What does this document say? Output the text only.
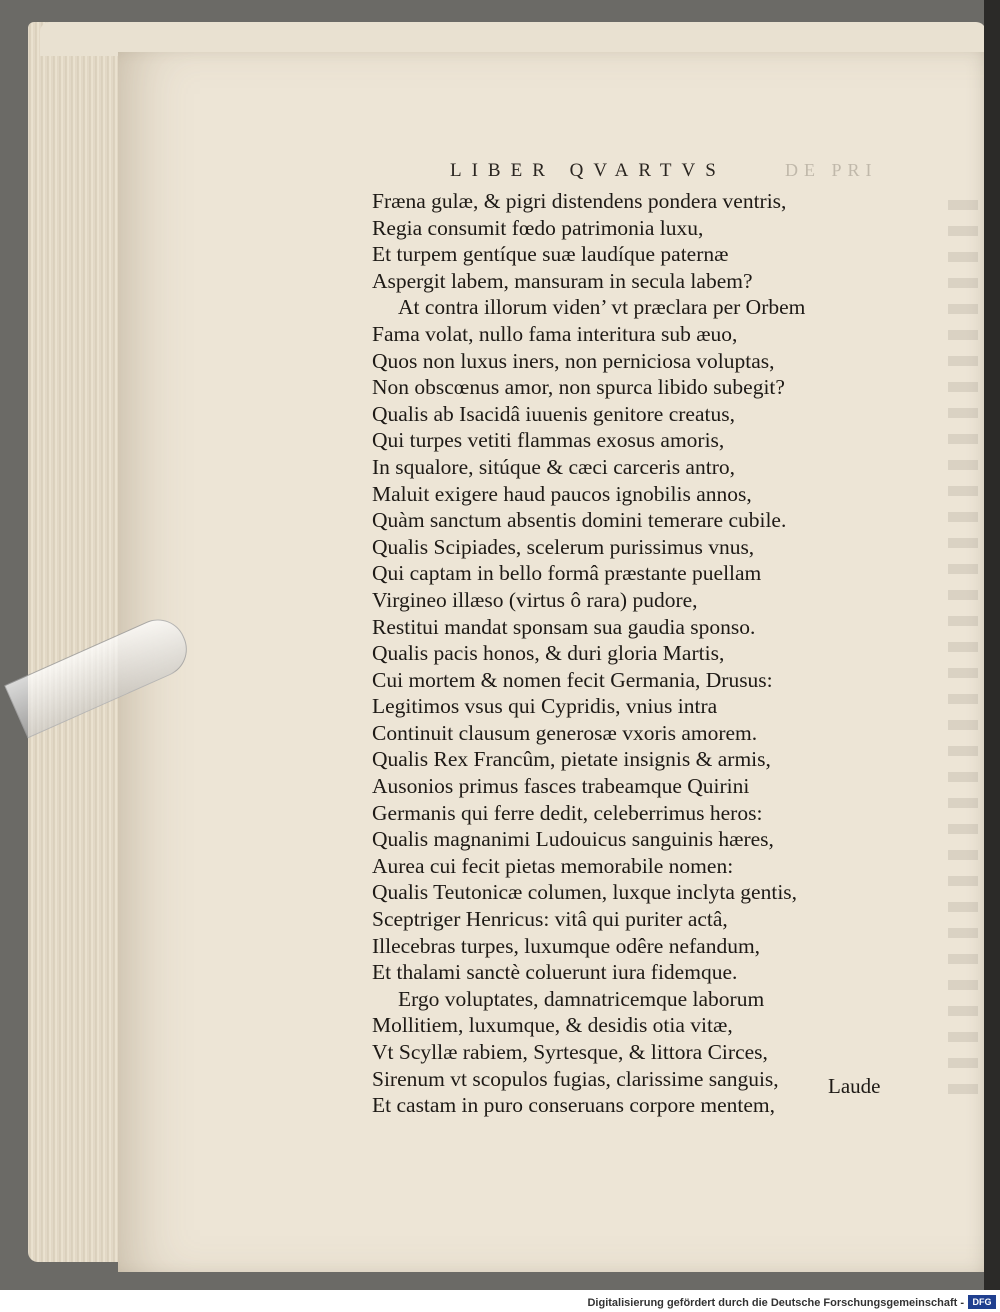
DE PRI
LIBER QVARTVS
Fræna gulæ, & pigri distendens pondera ventris,
Regia consumit fœdo patrimonia luxu,
Et turpem gentíque suæ laudíque paternæ
Aspergit labem, mansuram in secula labem?
At contra illorum viden’ vt præclara per Orbem
Fama volat, nullo fama interitura sub æuo,
Quos non luxus iners, non perniciosa voluptas,
Non obscœnus amor, non spurca libido subegit?
Qualis ab Isacidâ iuuenis genitore creatus,
Qui turpes vetiti flammas exosus amoris,
In squalore, sitúque & cæci carceris antro,
Maluit exigere haud paucos ignobilis annos,
Quàm sanctum absentis domini temerare cubile.
Qualis Scipiades, scelerum purissimus vnus,
Qui captam in bello formâ præstante puellam
Virgineo illæso (virtus ô rara) pudore,
Restitui mandat sponsam sua gaudia sponso.
Qualis pacis honos, & duri gloria Martis,
Cui mortem & nomen fecit Germania, Drusus:
Legitimos vsus qui Cypridis, vnius intra
Continuit clausum generosæ vxoris amorem.
Qualis Rex Francûm, pietate insignis & armis,
Ausonios primus fasces trabeamque Quirini
Germanis qui ferre dedit, celeberrimus heros:
Qualis magnanimi Ludouicus sanguinis hæres,
Aurea cui fecit pietas memorabile nomen:
Qualis Teutonicæ columen, luxque inclyta gentis,
Sceptriger Henricus: vitâ qui puriter actâ,
Illecebras turpes, luxumque odêre nefandum,
Et thalami sanctè coluerunt iura fidemque.
Ergo voluptates, damnatricemque laborum
Mollitiem, luxumque, & desidis otia vitæ,
Vt Scyllæ rabiem, Syrtesque, & littora Circes,
Sirenum vt scopulos fugias, clarissime sanguis,
Et castam in puro conseruans corpore mentem,
Laude
Digitalisierung gefördert durch die Deutsche Forschungsgemeinschaft - DFG
